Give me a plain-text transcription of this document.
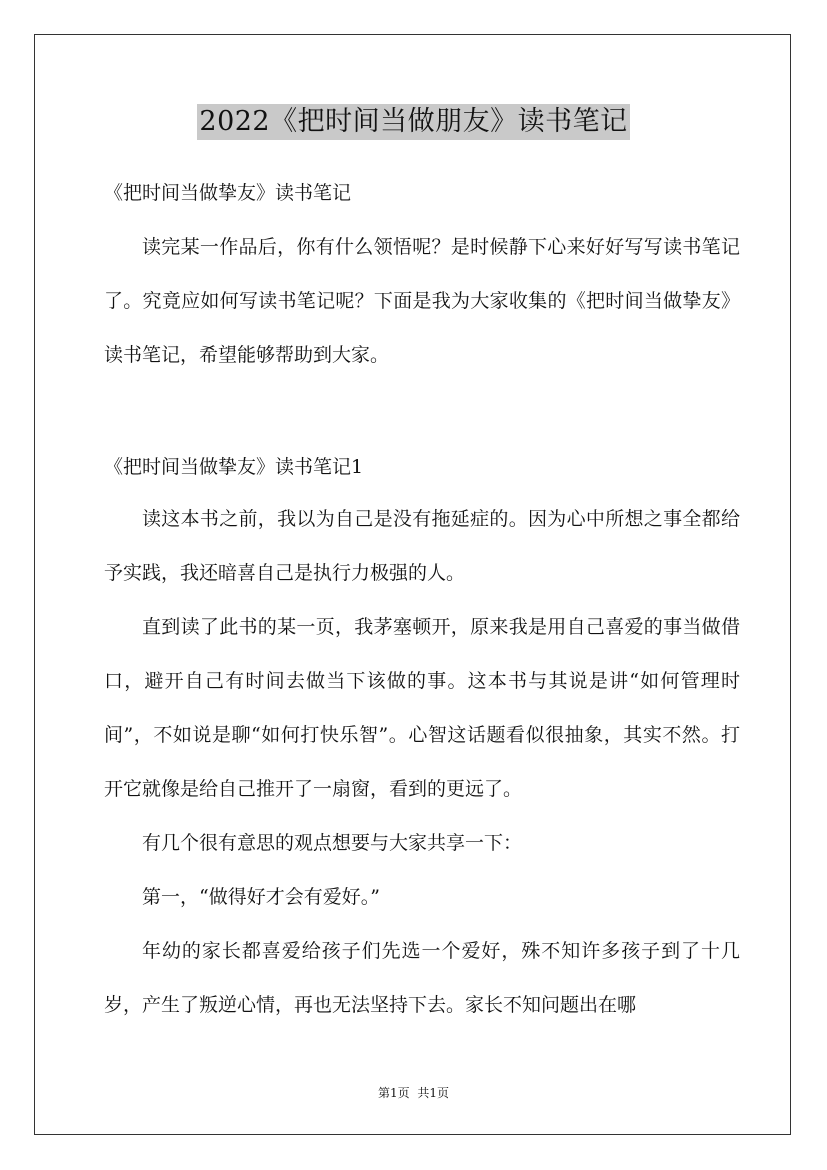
2022《把时间当做朋友》读书笔记
《把时间当做挚友》读书笔记

读完某一作品后，你有什么领悟呢？是时候静下心来好好写写读书笔记了。究竟应如何写读书笔记呢？下面是我为大家收集的《把时间当做挚友》读书笔记，希望能够帮助到大家。

《把时间当做挚友》读书笔记1

读这本书之前，我以为自己是没有拖延症的。因为心中所想之事全都给予实践，我还暗喜自己是执行力极强的人。

直到读了此书的某一页，我茅塞顿开，原来我是用自己喜爱的事当做借口，避开自己有时间去做当下该做的事。这本书与其说是讲“如何管理时间”，不如说是聊“如何打快乐智”。心智这话题看似很抽象，其实不然。打开它就像是给自己推开了一扇窗，看到的更远了。

有几个很有意思的观点想要与大家共享一下：

第一，“做得好才会有爱好。”

年幼的家长都喜爱给孩子们先选一个爱好，殊不知许多孩子到了十几岁，产生了叛逆心情，再也无法坚持下去。家长不知问题出在哪

第1页 共1页
